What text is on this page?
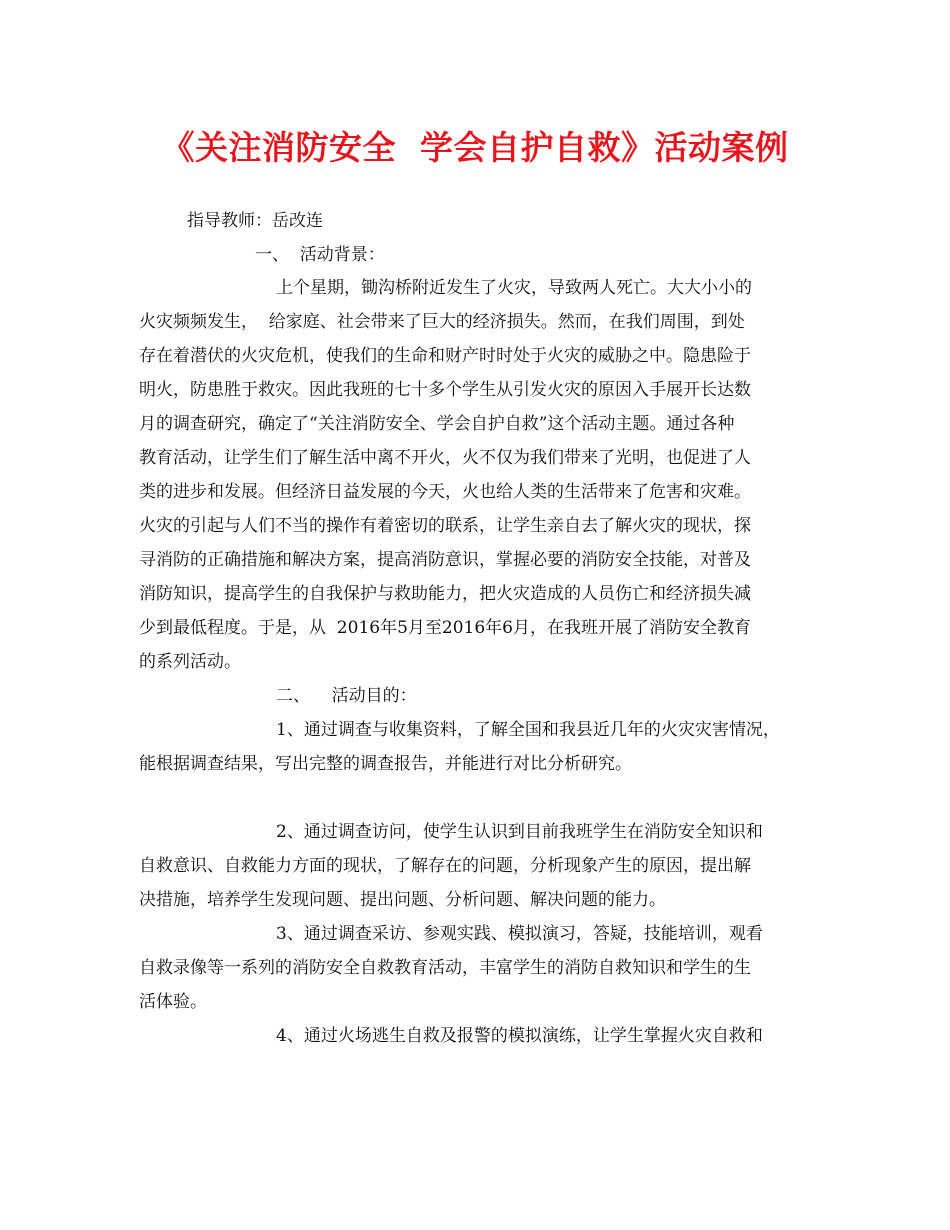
《关注消防安全  学会自护自救》活动案例

指导教师：岳改连

一、  活动背景：

上个星期，锄沟桥附近发生了火灾，导致两人死亡。大大小小的

火灾频频发生，  给家庭、社会带来了巨大的经济损失。然而，在我们周围，到处

存在着潜伏的火灾危机，使我们的生命和财产时时处于火灾的威胁之中。隐患险于

明火，防患胜于救灾。因此我班的七十多个学生从引发火灾的原因入手展开长达数

月的调查研究，确定了“关注消防安全、学会自护自救”这个活动主题。通过各种

教育活动，让学生们了解生活中离不开火，火不仅为我们带来了光明，也促进了人

类的进步和发展。但经济日益发展的今天，火也给人类的生活带来了危害和灾难。

火灾的引起与人们不当的操作有着密切的联系，让学生亲自去了解火灾的现状，探

寻消防的正确措施和解决方案，提高消防意识，掌握必要的消防安全技能，对普及

消防知识，提高学生的自我保护与救助能力，把火灾造成的人员伤亡和经济损失减

少到最低程度。于是，从  2016年5月至2016年6月，在我班开展了消防安全教育

的系列活动。

二、    活动目的：

1、通过调查与收集资料，了解全国和我县近几年的火灾灾害情况，

能根据调查结果，写出完整的调查报告，并能进行对比分析研究。

2、通过调查访问，使学生认识到目前我班学生在消防安全知识和

自救意识、自救能力方面的现状，了解存在的问题，分析现象产生的原因，提出解

决措施，培养学生发现问题、提出问题、分析问题、解决问题的能力。

3、通过调查采访、参观实践、模拟演习，答疑，技能培训，观看

自救录像等一系列的消防安全自救教育活动，丰富学生的消防自救知识和学生的生

活体验。

4、通过火场逃生自救及报警的模拟演练，让学生掌握火灾自救和
